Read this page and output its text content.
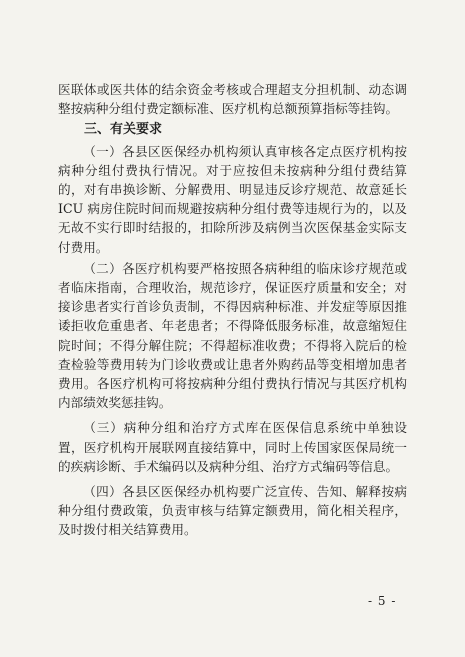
医联体或医共体的结余资金考核或合理超支分担机制、动态调整按病种分组付费定额标准、医疗机构总额预算指标等挂钩。

三、有关要求

（一）各县区医保经办机构须认真审核各定点医疗机构按病种分组付费执行情况。对于应按但未按病种分组付费结算的，对有串换诊断、分解费用、明显违反诊疗规范、故意延长 ICU 病房住院时间而规避按病种分组付费等违规行为的，以及无故不实行即时结报的，扣除所涉及病例当次医保基金实际支付费用。

（二）各医疗机构要严格按照各病种组的临床诊疗规范或者临床指南，合理收治，规范诊疗，保证医疗质量和安全；对接诊患者实行首诊负责制，不得因病种标准、并发症等原因推诿拒收危重患者、年老患者；不得降低服务标准，故意缩短住院时间；不得分解住院；不得超标准收费；不得将入院后的检查检验等费用转为门诊收费或让患者外购药品等变相增加患者费用。各医疗机构可将按病种分组付费执行情况与其医疗机构内部绩效奖惩挂钩。

（三）病种分组和治疗方式库在医保信息系统中单独设置，医疗机构开展联网直接结算中，同时上传国家医保局统一的疾病诊断、手术编码以及病种分组、治疗方式编码等信息。

（四）各县区医保经办机构要广泛宣传、告知、解释按病种分组付费政策，负责审核与结算定额费用，简化相关程序，及时拨付相关结算费用。

- 5 -
